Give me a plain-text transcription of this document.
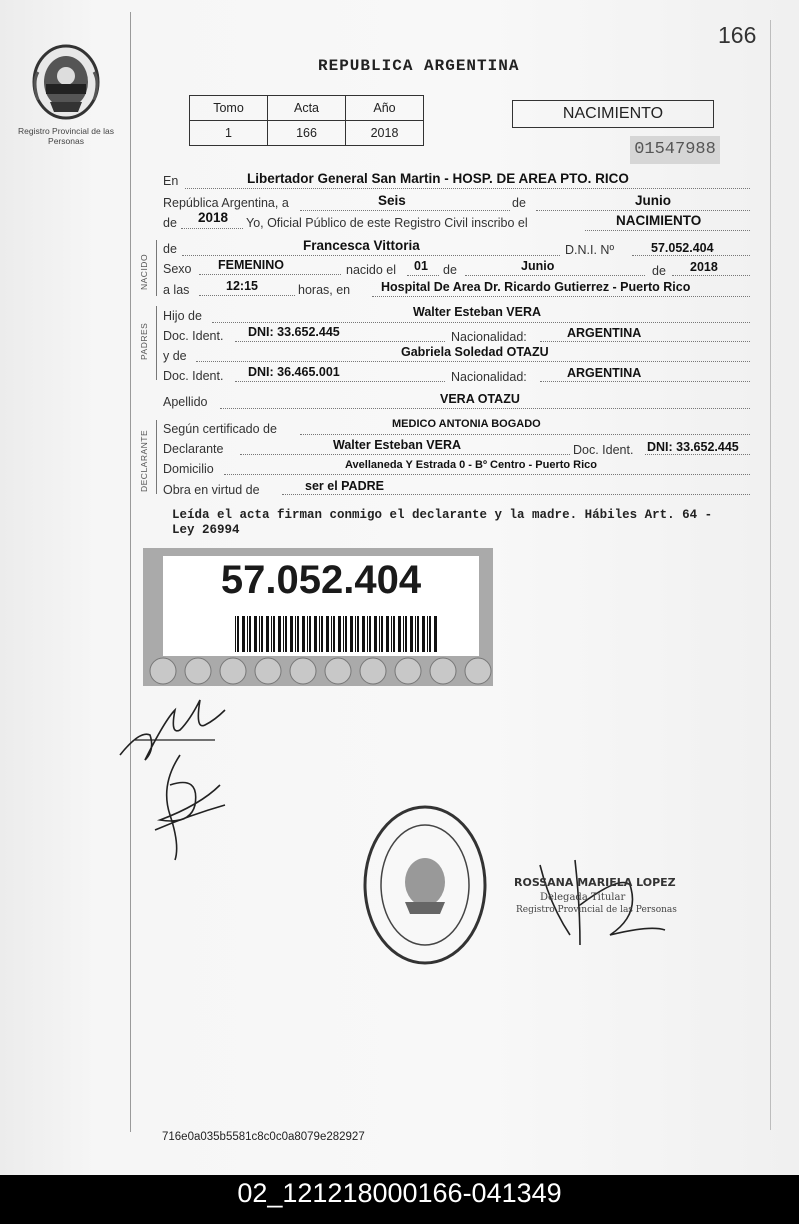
166
Registro Provincial de las Personas
REPUBLICA ARGENTINA
Tomo	Acta	Año
1	166	2018
NACIMIENTO
01547988
En	Libertador General San Martin - HOSP. DE AREA PTO. RICO
República Argentina, a	Seis	de	Junio
de 2018 Yo, Oficial Público de este Registro Civil inscribo el	NACIMIENTO
NACIDO
de	Francesca Vittoria	D.N.I. Nº	57.052.404
Sexo FEMENINO	nacido el 01 de	Junio	de 2018
a las	12:15	horas, en Hospital De Area Dr. Ricardo Gutierrez - Puerto Rico
PADRES
Hijo de	Walter Esteban VERA
Doc. Ident. DNI: 33.652.445	Nacionalidad:	ARGENTINA
y de	Gabriela Soledad OTAZU
Doc. Ident. DNI: 36.465.001	Nacionalidad:	ARGENTINA
Apellido	VERA OTAZU
DECLARANTE
Según certificado de	MEDICO ANTONIA BOGADO
Declarante	Walter Esteban VERA	Doc. Ident. DNI: 33.652.445
Domicilio	Avellaneda Y Estrada 0 - Bº Centro - Puerto Rico
Obra en virtud de	ser el PADRE
Leída el acta firman conmigo el declarante y la madre. Hábiles Art. 64 - Ley 26994
57.052.404
ROSSANA MARIELA LOPEZ
Delegada Titular
Registro Provincial de las Personas
716e0a035b5581c8c0c0a8079e282927
02_121218000166-041349
